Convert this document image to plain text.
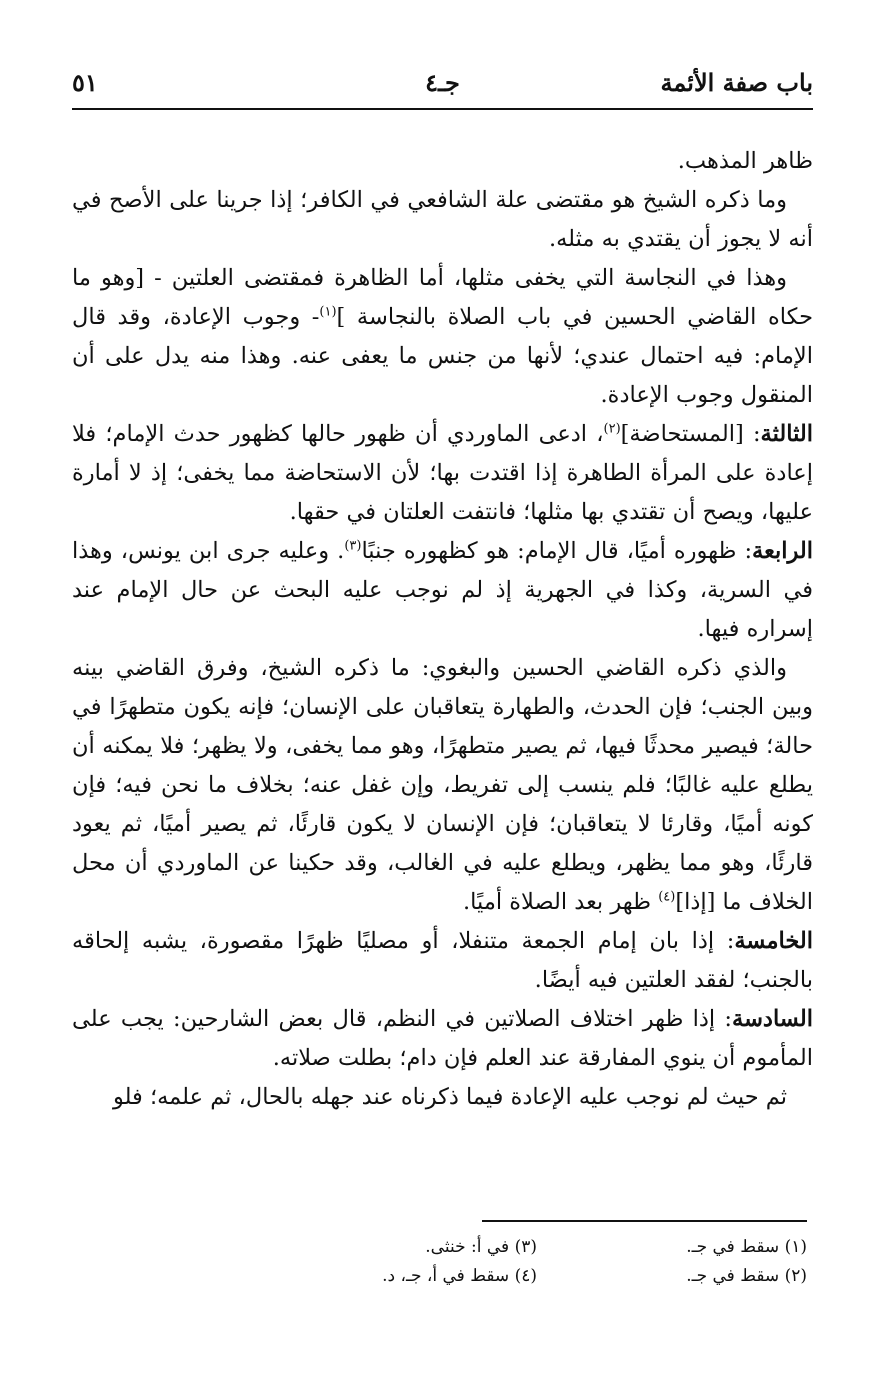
باب صفة الأئمة
جـ٤
٥١

ظاهر المذهب.

وما ذكره الشيخ هو مقتضى علة الشافعي في الكافر؛ إذا جرينا على الأصح في أنه لا يجوز أن يقتدي به مثله.

وهذا في النجاسة التي يخفى مثلها، أما الظاهرة فمقتضى العلتين - [وهو ما حكاه القاضي الحسين في باب الصلاة بالنجاسة ]$^{(١)}$- وجوب الإعادة، وقد قال الإمام: فيه احتمال عندي؛ لأنها من جنس ما يعفى عنه. وهذا منه يدل على أن المنقول وجوب الإعادة.

الثالثة: [المستحاضة]$^{(٢)}$، ادعى الماوردي أن ظهور حالها كظهور حدث الإمام؛ فلا إعادة على المرأة الطاهرة إذا اقتدت بها؛ لأن الاستحاضة مما يخفى؛ إذ لا أمارة عليها، ويصح أن تقتدي بها مثلها؛ فانتفت العلتان في حقها.

الرابعة: ظهوره أميًا، قال الإمام: هو كظهوره جنبًا$^{(٣)}$. وعليه جرى ابن يونس، وهذا في السرية، وكذا في الجهرية إذ لم نوجب عليه البحث عن حال الإمام عند إسراره فيها.

والذي ذكره القاضي الحسين والبغوي: ما ذكره الشيخ، وفرق القاضي بينه وبين الجنب؛ فإن الحدث، والطهارة يتعاقبان على الإنسان؛ فإنه يكون متطهرًا في حالة؛ فيصير محدثًا فيها، ثم يصير متطهرًا، وهو مما يخفى، ولا يظهر؛ فلا يمكنه أن يطلع عليه غالبًا؛ فلم ينسب إلى تفريط، وإن غفل عنه؛ بخلاف ما نحن فيه؛ فإن كونه أميًا، وقارئا لا يتعاقبان؛ فإن الإنسان لا يكون قارئًا، ثم يصير أميًا، ثم يعود قارئًا، وهو مما يظهر، ويطلع عليه في الغالب، وقد حكينا عن الماوردي أن محل الخلاف ما [إذا]$^{(٤)}$ ظهر بعد الصلاة أميًا.

الخامسة: إذا بان إمام الجمعة متنفلا، أو مصليًا ظهرًا مقصورة، يشبه إلحاقه بالجنب؛ لفقد العلتين فيه أيضًا.

السادسة: إذا ظهر اختلاف الصلاتين في النظم، قال بعض الشارحين: يجب على المأموم أن ينوي المفارقة عند العلم فإن دام؛ بطلت صلاته.

ثم حيث لم نوجب عليه الإعادة فيما ذكرناه عند جهله بالحال، ثم علمه؛ فلو

(١) سقط في جـ.
(٣) في أ: خنثى.
(٢) سقط في جـ.
(٤) سقط في أ، جـ، د.
